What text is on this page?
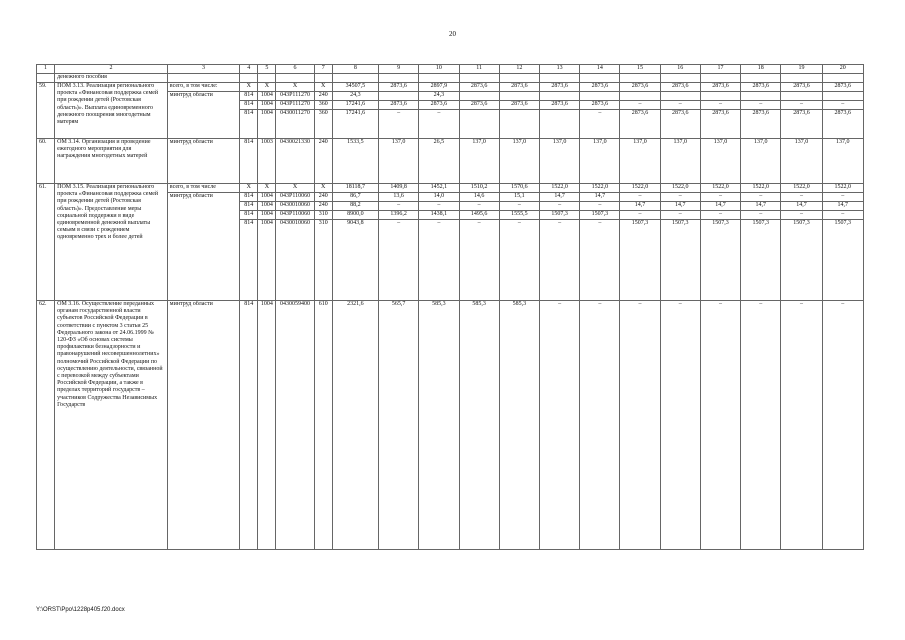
20
1	2	3	4	5	6	7	8	9	10	11	12	13	14	15	16	17	18	19	20
	денежного пособия																		
59.	ПОМ 3.13. Реализация регионального проекта «Финансовая поддержка семей при рождении детей (Ростовская область)». Выплата единовременного денежного поощрения многодетным матерям	всего, в том числе:	Х	Х	Х	Х	34507,5	2873,6	2897,9	2873,6	2873,6	2873,6	2873,6	2873,6	2873,6	2873,6	2873,6	2873,6	2873,6
		минтруд области	814	1004	043P111270	240	24,3		24,3										
			814	1004	043P111270	360	17241,6	2873,6	2873,6	2873,6	2873,6	2873,6	2873,6	–	–	–	–	–	–
			814	1004	0430011270	360	17241,6	–	–				–	2873,6	2873,6	2873,6	2873,6	2873,6	2873,6
60.	ОМ 3.14. Организация и проведение ежегодного мероприятия для награждения многодетных матерей	минтруд области	814	1003	0430021330	240	1533,5	137,0	26,5	137,0	137,0	137,0	137,0	137,0	137,0	137,0	137,0	137,0	137,0
61.	ПОМ 3.15. Реализация регионального проекта «Финансовая поддержка семей при рождении детей (Ростовская область)». Предоставление меры социальной поддержки в виде единовременной денежной выплаты семьям в связи с рождением одновременно трех и более детей	всего, в том числе	Х	Х	Х	Х	18118,7	1409,8	1452,1	1510,2	1570,6	1522,0	1522,0	1522,0	1522,0	1522,0	1522,0	1522,0	1522,0
		минтруд области	814	1004	043P110060	240	86,7	13,6	14,0	14,6	15,1	14,7	14,7	–	–	–	–	–	–
			814	1004	0430010060	240	88,2	–	–	–	–	–	–	14,7	14,7	14,7	14,7	14,7	14,7
			814	1004	043P110060	310	8900,0	1396,2	1438,1	1495,6	1555,5	1507,3	1507,3	–	–	–	–	–	–
			814	1004	0430010060	310	9043,8	–	–	–	–	–	–	1507,3	1507,3	1507,3	1507,3	1507,3	1507,3
62.	ОМ 3.16. Осуществление переданных органам государственной власти субъектов Российской Федерации в соответствии с пунктом 3 статьи 25 Федерального закона от 24.06.1999 № 120-ФЗ «Об основах системы профилактики безнадзорности и правонарушений несовершеннолетних» полномочий Российской Федерации по осуществлению деятельности, связанной с перевозкой между субъектами Российской Федерации, а также в пределах территорий государств – участников Содружества Независимых Государств	минтруд области	814	1004	0430059400	610	2321,6	565,7	585,3	585,3	585,3	–	–	–	–	–	–	–	–
Y:\ORST\Ppo\1228p405.f20.docx
